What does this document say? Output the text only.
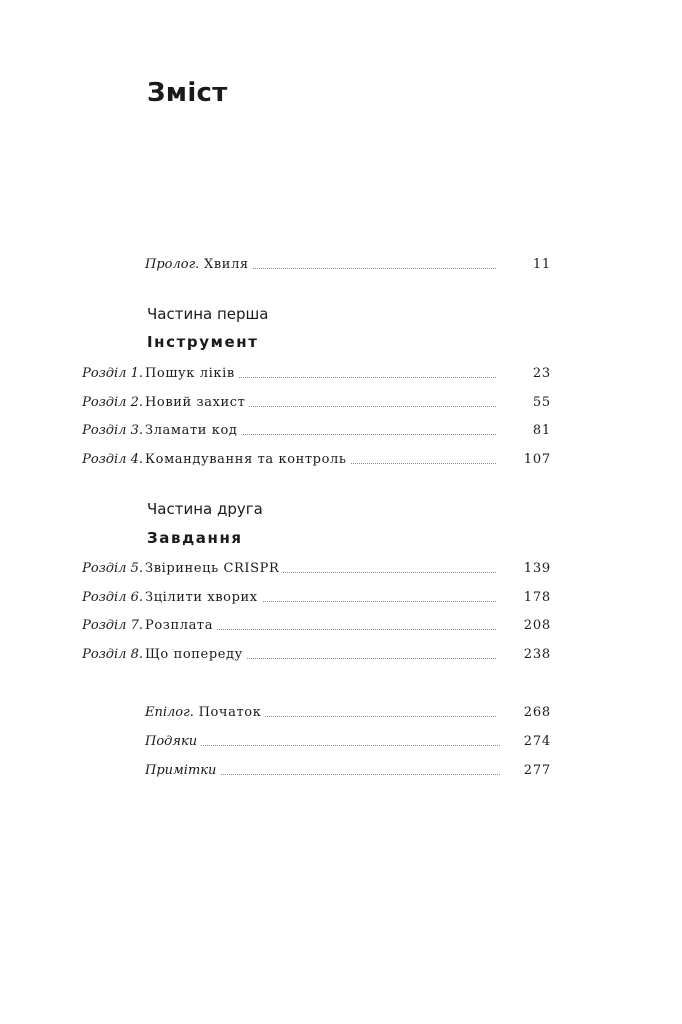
Зміст
Пролог. Хвиля	11
Частина перша
Інструмент
Розділ 1. Пошук ліків	23
Розділ 2. Новий захист	55
Розділ 3. Зламати код	81
Розділ 4. Командування та контроль	107
Частина друга
Завдання
Розділ 5. Звіринець CRISPR	139
Розділ 6. Зцілити хворих	178
Розділ 7. Розплата	208
Розділ 8. Що попереду	238
Епілог. Початок	268
Подяки	274
Примітки	277
